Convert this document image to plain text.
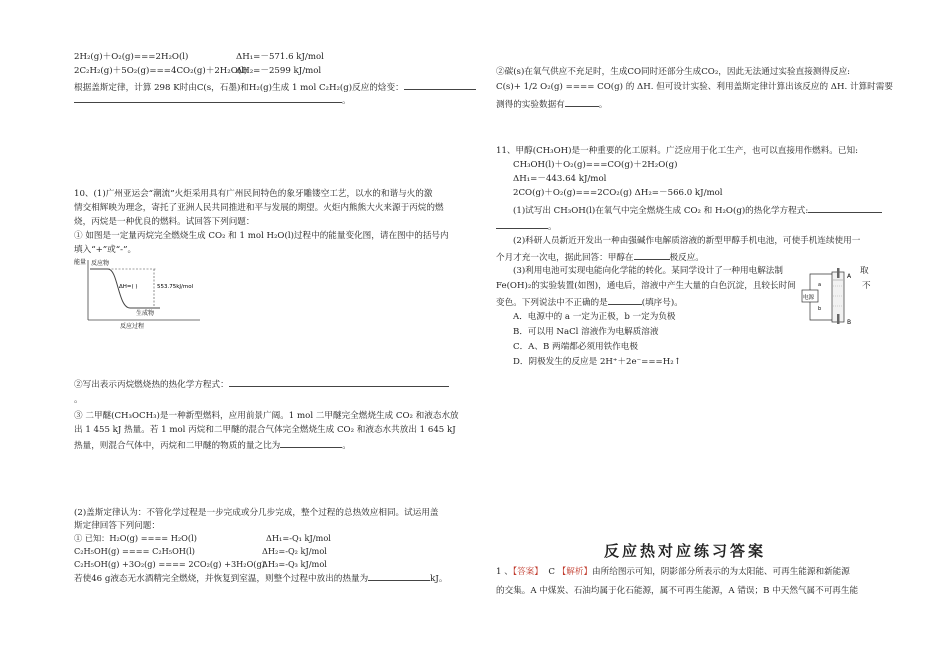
2H₂(g)＋O₂(g)===2H₂O(l)	ΔH₁=－571.6 kJ/mol
2C₂H₂(g)＋5O₂(g)===4CO₂(g)＋2H₂O(l)
ΔH₂=－2599 kJ/mol
根据盖斯定律，计算 298 K时由C(s，石墨)和H₂(g)生成 1 mol C₂H₂(g)反应的焓变：
。
10、(1)广州亚运会“潮流”火炬采用具有广州民间特色的象牙雕镂空工艺，以水的和谐与火的激
情交相辉映为理念，寄托了亚洲人民共同推进和平与发展的期望。火炬内熊熊大火来源于丙烷的燃
烧，丙烷是一种优良的燃料。试回答下列问题：
① 如图是一定量丙烷完全燃烧生成 CO₂ 和 1 mol H₂O(l)过程中的能量变化图，请在图中的括号内
填入“+”或“-”。
能量 反应物
ΔH=( )	553.75kJ/mol
生成物
反应过程
②写出表示丙烷燃烧热的热化学方程式：
。
③ 二甲醚(CH₃OCH₃)是一种新型燃料，应用前景广阔。1 mol 二甲醚完全燃烧生成 CO₂ 和液态水放
出 1 455 kJ 热量。若 1 mol 丙烷和二甲醚的混合气体完全燃烧生成 CO₂ 和液态水共放出 1 645 kJ
热量，则混合气体中，丙烷和二甲醚的物质的量之比为	。
(2)盖斯定律认为：不管化学过程是一步完成或分几步完成，整个过程的总热效应相同。试运用盖
斯定律回答下列问题：
① 已知：H₂O(g) ==== H₂O(l)	ΔH₁=-Q₁ kJ/mol
C₂H₅OH(g) ==== C₂H₅OH(l)	ΔH₂=-Q₂ kJ/mol
C₂H₅OH(g) +3O₂(g) ==== 2CO₂(g) +3H₂O(g)
ΔH₃=-Q₃ kJ/mol
若使46 g液态无水酒精完全燃烧，并恢复到室温，则整个过程中放出的热量为	kJ。
②碳(s)在氧气供应不充足时，生成CO同时还部分生成CO₂，因此无法通过实验直接测得反应:
C(s)+ 1/2 O₂(g) ==== CO(g) 的 ΔH. 但可设计实验、利用盖斯定律计算出该反应的 ΔH. 计算时需要
测得的实验数据有	。
11、甲醇(CH₃OH)是一种重要的化工原料。广泛应用于化工生产，也可以直接用作燃料。已知:
CH₃OH(l)＋O₂(g)===CO(g)＋2H₂O(g)
ΔH₁=－443.64 kJ/mol
2CO(g)＋O₂(g)===2CO₂(g) ΔH₂=－566.0 kJ/mol
(1)试写出 CH₃OH(l)在氧气中完全燃烧生成 CO₂ 和 H₂O(g)的热化学方程式:
。
(2)科研人员新近开发出一种由强碱作电解质溶液的新型甲醇手机电池，可使手机连续使用一
个月才充一次电，据此回答：甲醇在	极反应。
(3)利用电池可实现电能向化学能的转化。某同学设计了一种用电解法制	取
Fe(OH)₂的实验装置(如图)，通电后，溶液中产生大量的白色沉淀，且较长时间	不
变色。下列说法中不正确的是	(填序号)。
A．电源中的 a 一定为正极，b 一定为负极
B．可以用 NaCl 溶液作为电解质溶液
C．A、B 两端都必须用铁作电极
D．阴极发生的反应是 2H⁺＋2e⁻===H₂↑
电源
a
b
A
B
反应热对应练习答案
1 、【答案】 C 【解析】由所给图示可知，阴影部分所表示的为太阳能、可再生能源和新能源
的交集。A 中煤炭、石油均属于化石能源，属不可再生能源，A 错误；B 中天然气属不可再生能
